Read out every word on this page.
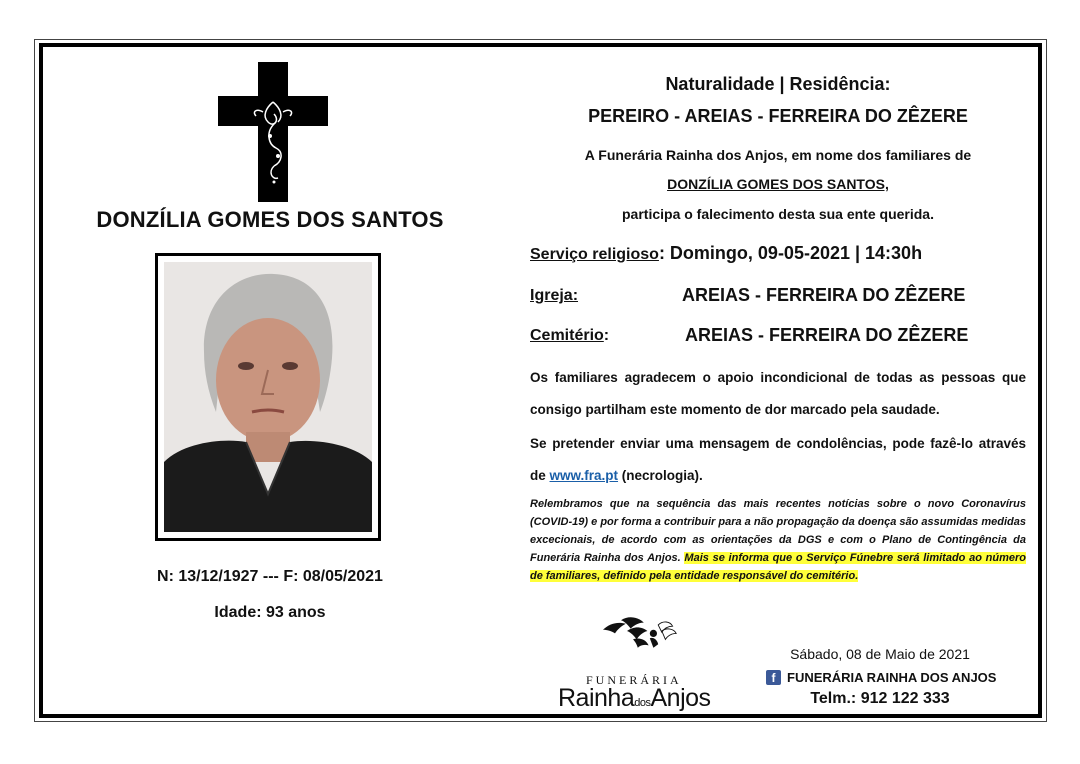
DONZÍLIA GOMES DOS SANTOS
N: 13/12/1927 --- F: 08/05/2021
Idade: 93 anos
Naturalidade | Residência:
PEREIRO - AREIAS - FERREIRA DO ZÊZERE
A Funerária Rainha dos Anjos, em nome dos familiares de
DONZÍLIA GOMES DOS SANTOS,
participa o falecimento desta sua ente querida.
Serviço religioso: Domingo, 09-05-2021 | 14:30h
Igreja:	AREIAS - FERREIRA DO ZÊZERE
Cemitério:	AREIAS - FERREIRA DO ZÊZERE
Os familiares agradecem o apoio incondicional de todas as pessoas que consigo partilham este momento de dor marcado pela saudade.
Se pretender enviar uma mensagem de condolências, pode fazê-lo através de www.fra.pt (necrologia).
Relembramos que na sequência das mais recentes notícias sobre o novo Coronavírus (COVID-19) e por forma a contribuir para a não propagação da doença são assumidas medidas excecionais, de acordo com as orientações da DGS e com o Plano de Contingência da Funerária Rainha dos Anjos. Mais se informa que o Serviço Fúnebre será limitado ao número de familiares, definido pela entidade responsável do cemitério.
FUNERÁRIA
RainhadosAnjos
Sábado, 08 de Maio de 2021
f FUNERÁRIA RAINHA DOS ANJOS
Telm.: 912 122 333
